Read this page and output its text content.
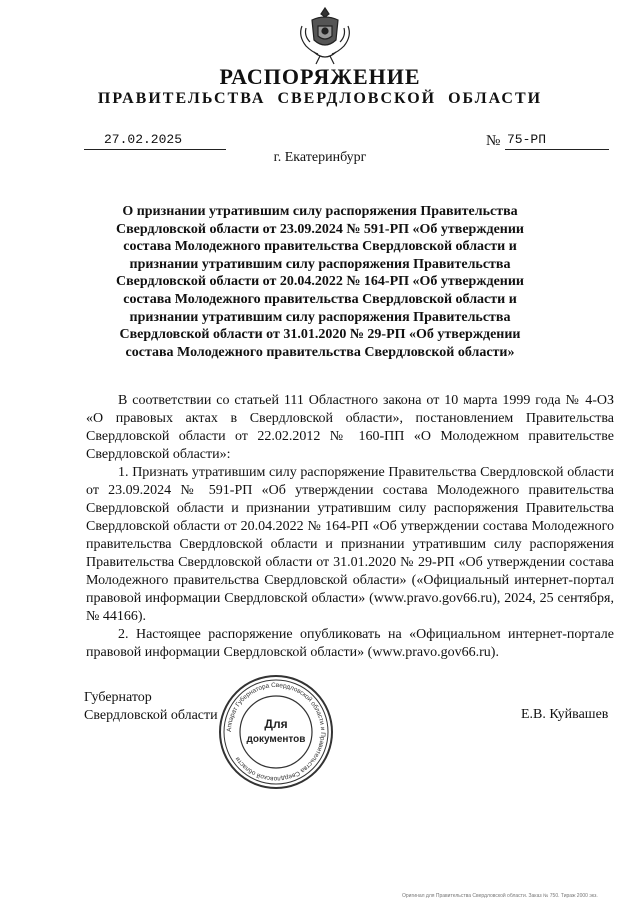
РАСПОРЯЖЕНИЕ
ПРАВИТЕЛЬСТВА СВЕРДЛОВСКОЙ ОБЛАСТИ
27.02.2025	№ 75-РП
г. Екатеринбург
О признании утратившим силу распоряжения Правительства Свердловской области от 23.09.2024 № 591-РП «Об утверждении состава Молодежного правительства Свердловской области и признании утратившим силу распоряжения Правительства Свердловской области от 20.04.2022 № 164-РП «Об утверждении состава Молодежного правительства Свердловской области и признании утратившим силу распоряжения Правительства Свердловской области от 31.01.2020 № 29-РП «Об утверждении состава Молодежного правительства Свердловской области»

В соответствии со статьей 111 Областного закона от 10 марта 1999 года № 4-ОЗ «О правовых актах в Свердловской области», постановлением Правительства Свердловской области от 22.02.2012 № 160-ПП «О Молодежном правительстве Свердловской области»:

1. Признать утратившим силу распоряжение Правительства Свердловской области от 23.09.2024 № 591-РП «Об утверждении состава Молодежного правительства Свердловской области и признании утратившим силу распоряжения Правительства Свердловской области от 20.04.2022 № 164-РП «Об утверждении состава Молодежного правительства Свердловской области и признании утратившим силу распоряжения Правительства Свердловской области от 31.01.2020 № 29-РП «Об утверждении состава Молодежного правительства Свердловской области» («Официальный интернет-портал правовой информации Свердловской области» (www.pravo.gov66.ru), 2024, 25 сентября, № 44166).

2. Настоящее распоряжение опубликовать на «Официальном интернет-портале правовой информации Свердловской области» (www.pravo.gov66.ru).

Губернатор
Свердловской области	Е.В. Куйвашев
Аппарат Губернатора Свердловской области и Правительства Свердловской области
Для
документов
Оригинал для Правительства Свердловской области. Заказ № 750. Тираж 2000 экз.
